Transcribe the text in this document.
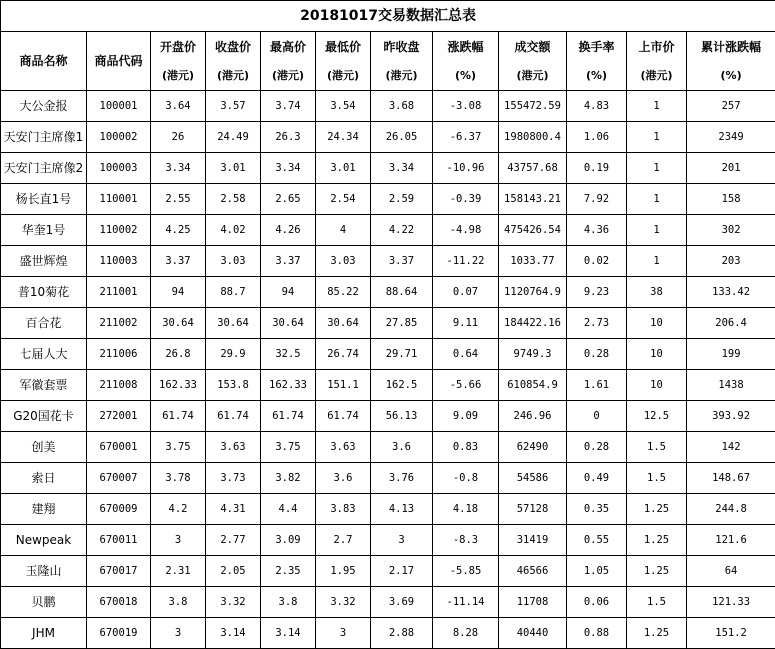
20181017交易数据汇总表											
商品名称	商品代码	开盘价	收盘价	最高价	最低价	昨收盘	涨跌幅	成交额	换手率	上市价	累计涨跌幅
		(港元)	(港元)	(港元)	(港元)	(港元)	(%)	(港元)	(%)	(港元)	(%)
大公金报	100001	3.64	3.57	3.74	3.54	3.68	-3.08	155472.59	4.83	1	257
天安门主席像1	100002	26	24.49	26.3	24.34	26.05	-6.37	1980800.4	1.06	1	2349
天安门主席像2	100003	3.34	3.01	3.34	3.01	3.34	-10.96	43757.68	0.19	1	201
杨长直1号	110001	2.55	2.58	2.65	2.54	2.59	-0.39	158143.21	7.92	1	158
华奎1号	110002	4.25	4.02	4.26	4	4.22	-4.98	475426.54	4.36	1	302
盛世辉煌	110003	3.37	3.03	3.37	3.03	3.37	-11.22	1033.77	0.02	1	203
普10菊花	211001	94	88.7	94	85.22	88.64	0.07	1120764.9	9.23	38	133.42
百合花	211002	30.64	30.64	30.64	30.64	27.85	9.11	184422.16	2.73	10	206.4
七届人大	211006	26.8	29.9	32.5	26.74	29.71	0.64	9749.3	0.28	10	199
军徽套票	211008	162.33	153.8	162.33	151.1	162.5	-5.66	610854.9	1.61	10	1438
G20国花卡	272001	61.74	61.74	61.74	61.74	56.13	9.09	246.96	0	12.5	393.92
创美	670001	3.75	3.63	3.75	3.63	3.6	0.83	62490	0.28	1.5	142
索日	670007	3.78	3.73	3.82	3.6	3.76	-0.8	54586	0.49	1.5	148.67
建翔	670009	4.2	4.31	4.4	3.83	4.13	4.18	57128	0.35	1.25	244.8
Newpeak	670011	3	2.77	3.09	2.7	3	-8.3	31419	0.55	1.25	121.6
玉隆山	670017	2.31	2.05	2.35	1.95	2.17	-5.85	46566	1.05	1.25	64
贝鹏	670018	3.8	3.32	3.8	3.32	3.69	-11.14	11708	0.06	1.5	121.33
JHM	670019	3	3.14	3.14	3	2.88	8.28	40440	0.88	1.25	151.2
